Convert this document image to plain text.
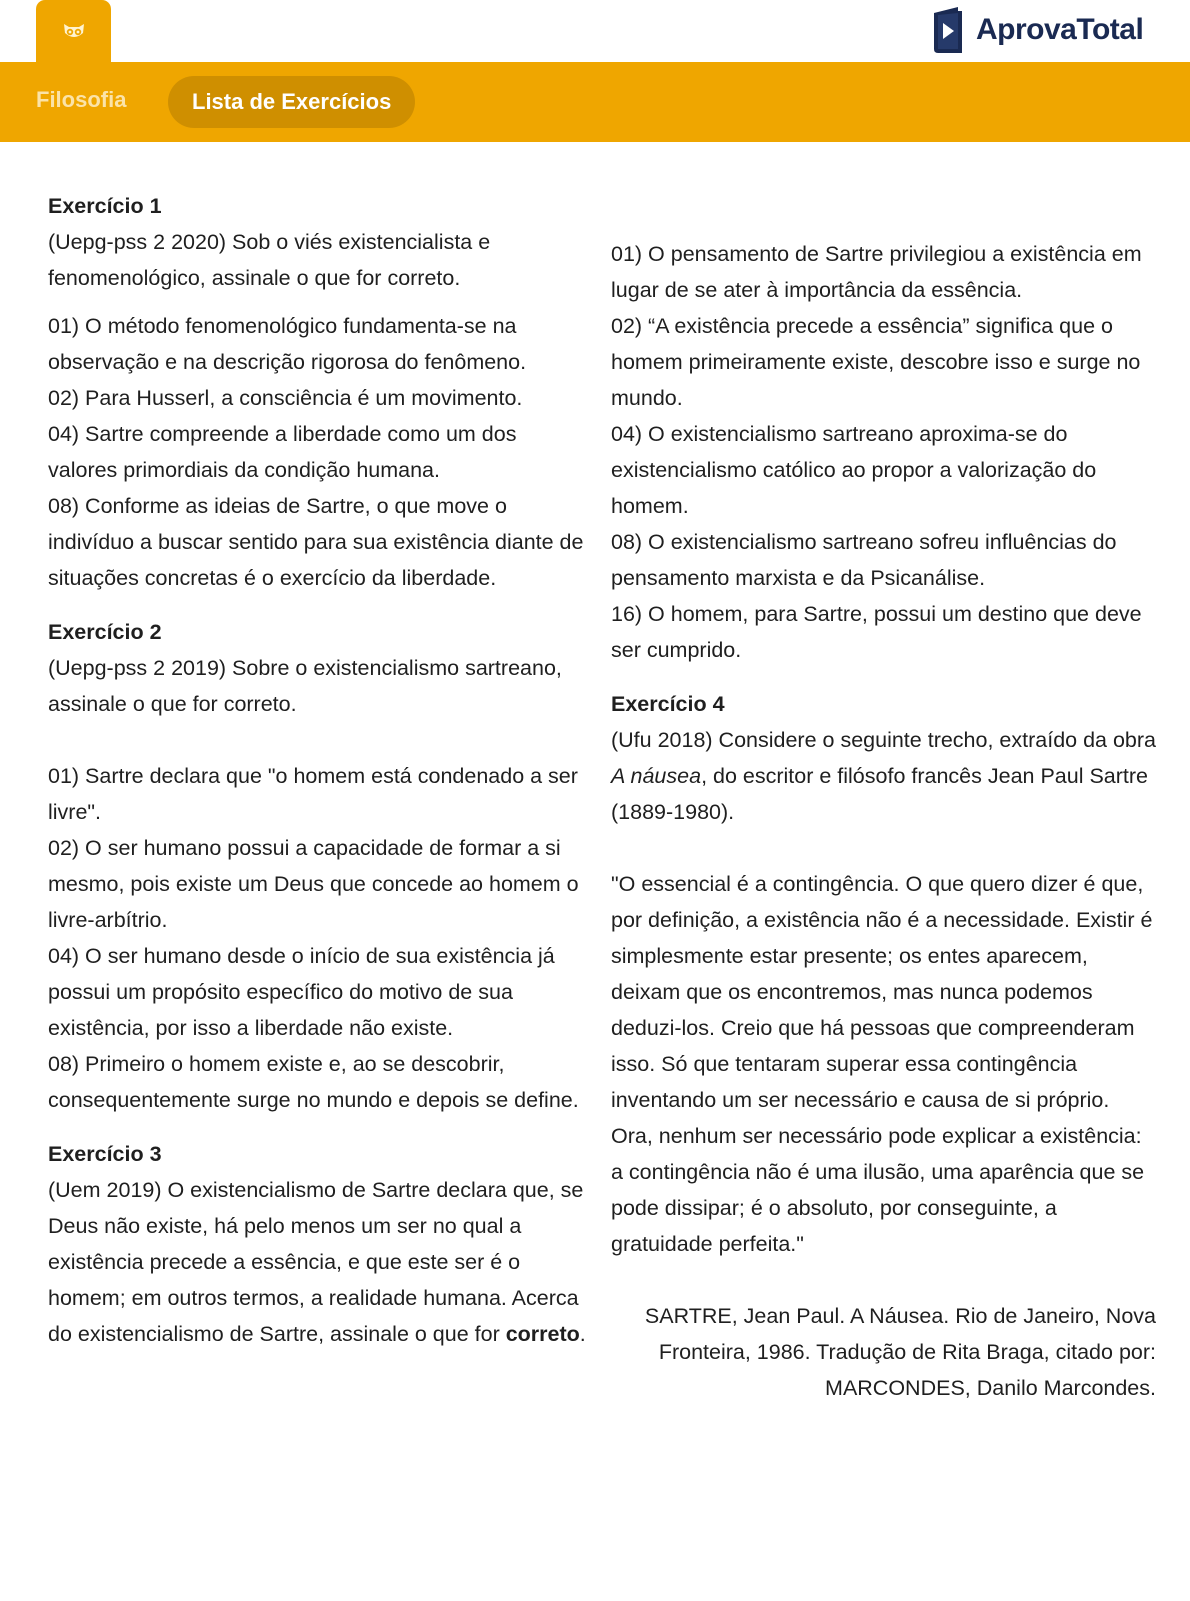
AprovaTotal
Filosofia	Lista de Exercícios

Exercício 1

(Uepg-pss 2 2020) Sob o viés existencialista e fenomenológico, assinale o que for correto.

01) O método fenomenológico fundamenta-se na observação e na descrição rigorosa do fenômeno.

02) Para Husserl, a consciência é um movimento.

04) Sartre compreende a liberdade como um dos valores primordiais da condição humana.

08) Conforme as ideias de Sartre, o que move o indivíduo a buscar sentido para sua existência diante de situações concretas é o exercício da liberdade.

Exercício 2

(Uepg-pss 2 2019) Sobre o existencialismo sartreano, assinale o que for correto.

01) Sartre declara que "o homem está condenado a ser livre".

02) O ser humano possui a capacidade de formar a si mesmo, pois existe um Deus que concede ao homem o livre-arbítrio.

04) O ser humano desde o início de sua existência já possui um propósito específico do motivo de sua existência, por isso a liberdade não existe.

08) Primeiro o homem existe e, ao se descobrir, consequentemente surge no mundo e depois se define.

Exercício 3

(Uem 2019) O existencialismo de Sartre declara que, se Deus não existe, há pelo menos um ser no qual a existência precede a essência, e que este ser é o homem; em outros termos, a realidade humana. Acerca do existencialismo de Sartre, assinale o que for correto.

01) O pensamento de Sartre privilegiou a existência em lugar de se ater à importância da essência.

02) “A existência precede a essência” significa que o homem primeiramente existe, descobre isso e surge no mundo.

04) O existencialismo sartreano aproxima-se do existencialismo católico ao propor a valorização do homem.

08) O existencialismo sartreano sofreu influências do pensamento marxista e da Psicanálise.

16) O homem, para Sartre, possui um destino que deve ser cumprido.

Exercício 4

(Ufu 2018) Considere o seguinte trecho, extraído da obra A náusea, do escritor e filósofo francês Jean Paul Sartre (1889-1980).

"O essencial é a contingência. O que quero dizer é que, por definição, a existência não é a necessidade. Existir é simplesmente estar presente; os entes aparecem, deixam que os encontremos, mas nunca podemos deduzi-los. Creio que há pessoas que compreenderam isso. Só que tentaram superar essa contingência inventando um ser necessário e causa de si próprio. Ora, nenhum ser necessário pode explicar a existência: a contingência não é uma ilusão, uma aparência que se pode dissipar; é o absoluto, por conseguinte, a gratuidade perfeita."

SARTRE, Jean Paul. A Náusea. Rio de Janeiro, Nova Fronteira, 1986. Tradução de Rita Braga, citado por: MARCONDES, Danilo Marcondes.
